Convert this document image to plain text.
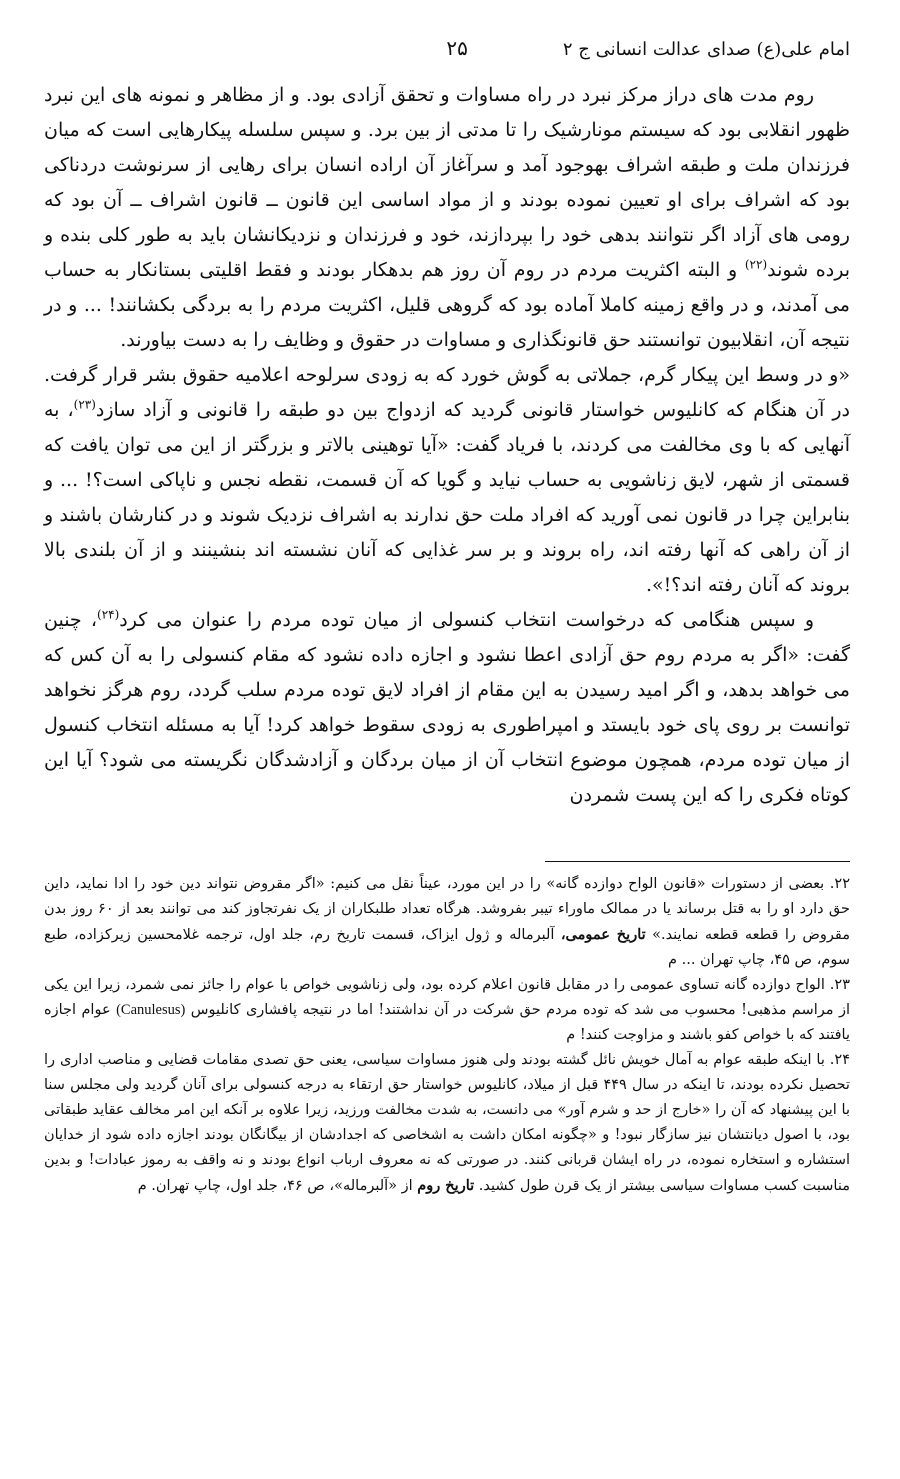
امام علی(ع) صدای عدالت انسانی ج ۲
۲۵

روم مدت های دراز مرکز نبرد در راه مساوات و تحقق آزادی بود. و از مظاهر و نمونه های این نبرد ظهور انقلابی بود که سیستم مونارشیک را تا مدتی از بین برد. و سپس سلسله پیکارهایی است که میان فرزندان ملت و طبقه اشراف بهوجود آمد و سرآغاز آن اراده انسان برای رهایی از سرنوشت دردناکی بود که اشراف برای او تعیین نموده بودند و از مواد اساسی این قانون ــ قانون اشراف ــ آن بود که رومی های آزاد اگر نتوانند بدهی خود را بپردازند، خود و فرزندان و نزدیکانشان باید به طور کلی بنده و برده شوند$^{(۲۲)}$ و البته اکثریت مردم در روم آن روز هم بدهکار بودند و فقط اقلیتی بستانکار به حساب می آمدند، و در واقع زمینه کاملا آماده بود که گروهی قلیل، اکثریت مردم را به بردگی بکشانند! ... و در نتیجه آن، انقلابیون توانستند حق قانونگذاری و مساوات در حقوق و وظایف را به دست بیاورند.

«و در وسط این پیکار گرم، جملاتی به گوش خورد که به زودی سرلوحه اعلامیه حقوق بشر قرار گرفت. در آن هنگام که کانلیوس خواستار قانونی گردید که ازدواج بین دو طبقه را قانونی و آزاد سازد$^{(۲۳)}$، به آنهایی که با وی مخالفت می کردند، با فریاد گفت: «آیا توهینی بالاتر و بزرگتر از این می توان یافت که قسمتی از شهر، لایق زناشویی به حساب نیاید و گویا که آن قسمت، نقطه نجس و ناپاکی است؟! ... و بنابراین چرا در قانون نمی آورید که افراد ملت حق ندارند به اشراف نزدیک شوند و در کنارشان باشند و از آن راهی که آنها رفته اند، راه بروند و بر سر غذایی که آنان نشسته اند بنشینند و از آن بلندی بالا بروند که آنان رفته اند؟!».

و سپس هنگامی که درخواست انتخاب کنسولی از میان توده مردم را عنوان می کرد$^{(۲۴)}$، چنین گفت: «اگر به مردم روم حق آزادی اعطا نشود و اجازه داده نشود که مقام کنسولی را به آن کس که می خواهد بدهد، و اگر امید رسیدن به این مقام از افراد لایق توده مردم سلب گردد، روم هرگز نخواهد توانست بر روی پای خود بایستد و امپراطوری به زودی سقوط خواهد کرد! آیا به مسئله انتخاب کنسول از میان توده مردم، همچون موضوع انتخاب آن از میان بردگان و آزادشدگان نگریسته می شود؟ آیا این کوتاه فکری را که این پست شمردن

۲۲. بعضی از دستورات «قانون الواح دوازده گانه» را در این مورد، عیناً نقل می کنیم: «اگر مقروض نتواند دین خود را ادا نماید، داین حق دارد او را به قتل برساند یا در ممالک ماوراء تیبر بفروشد. هرگاه تعداد طلبکاران از یک نفرتجاوز کند می توانند بعد از ۶۰ روز بدن مقروض را قطعه قطعه نمایند.» تاریخ عمومی، آلبرماله و ژول ایزاک، قسمت تاریخ رم، جلد اول، ترجمه غلامحسین زیرکزاده، طبع سوم، ص ۴۵، چاپ تهران ... م

۲۳. الواح دوازده گانه تساوی عمومی را در مقابل قانون اعلام کرده بود، ولی زناشویی خواص با عوام را جائز نمی شمرد، زیرا این یکی از مراسم مذهبی! محسوب می شد که توده مردم حق شرکت در آن نداشتند! اما در نتیجه پافشاری کانلیوس (Canulesus) عوام اجازه یافتند که با خواص کفو باشند و مزاوجت کنند! م

۲۴. با اینکه طبقه عوام به آمال خویش نائل گشته بودند ولی هنوز مساوات سیاسی، یعنی حق تصدی مقامات قضایی و مناصب اداری را تحصیل نکرده بودند، تا اینکه در سال ۴۴۹ قبل از میلاد، کانلیوس خواستار حق ارتقاء به درجه کنسولی برای آنان گردید ولی مجلس سنا با این پیشنهاد که آن را «خارج از حد و شرم آور» می دانست، به شدت مخالفت ورزید، زیرا علاوه بر آنکه این امر مخالف عقاید طبقاتی بود، با اصول دیانتشان نیز سازگار نبود! و «چگونه امکان داشت به اشخاصی که اجدادشان از بیگانگان بودند اجازه داده شود از خدایان استشاره و استخاره نموده، در راه ایشان قربانی کنند. در صورتی که نه معروف ارباب انواع بودند و نه واقف به رموز عبادات! و بدین مناسبت کسب مساوات سیاسی بیشتر از یک قرن طول کشید. تاریخ روم از «آلبرماله»، ص ۴۶، جلد اول، چاپ تهران. م
